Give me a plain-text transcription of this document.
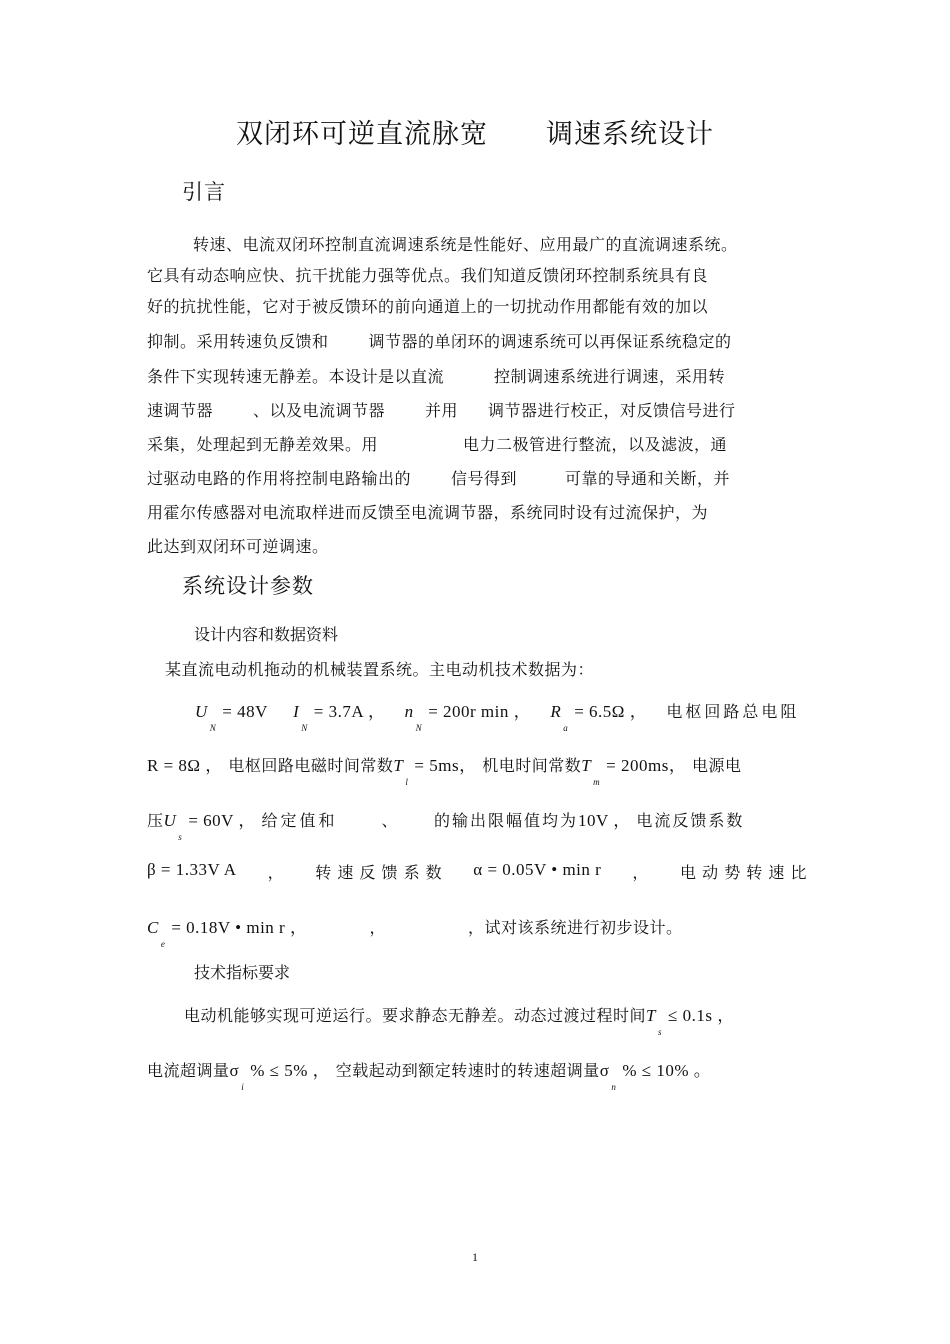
双闭环可逆直流脉宽 调速系统设计
引言
转速、电流双闭环控制直流调速系统是性能好、应用最广的直流调速系统。
它具有动态响应快、抗干扰能力强等优点。我们知道反馈闭环控制系统具有良
好的抗扰性能，它对于被反馈环的前向通道上的一切扰动作用都能有效的加以
抑制。采用转速负反馈和	调节器的单闭环的调速系统可以再保证系统稳定的
条件下实现转速无静差。本设计是以直流	控制调速系统进行调速，采用转
速调节器	、以及电流调节器	并用 调节器进行校正，对反馈信号进行
采集，处理起到无静差效果。用	电力二极管进行整流，以及滤波，通
过驱动电路的作用将控制电路输出的	信号得到	可靠的导通和关断，并
用霍尔传感器对电流取样进而反馈至电流调节器，系统同时设有过流保护，为
此达到双闭环可逆调速。
系统设计参数
设计内容和数据资料
某直流电动机拖动的机械装置系统。主电动机技术数据为：
$U_N= 48V$ $I_N= 3.7A$ ， $n_N= 200r$ min ， $R_a= 6.5\Omega$ ， 电枢回路总电阻
R = 8Ω ， 电枢回路电磁时间常数$T_l= 5ms$， 机电时间常数$T_m= 200ms$， 电源电
压$U_s= 60V$ ， 给定值和	、 的输出限幅值均为10V ， 电流反馈系数
β = 1.33V A ， 转 速 反 馈 系 数 α = 0.05V • min r ， 电 动 势 转 速 比
$C_e= 0.18V$ • min r ，	，	，试对该系统进行初步设计。
技术指标要求
电动机能够实现可逆运行。要求静态无静差。动态过渡过程时间$T_s\le 0.1s$ ，
电流超调量$\sigma_i\% \le 5\%$ ， 空载起动到额定转速时的转速超调量$\sigma_n\% \le 10\%$ 。
1
